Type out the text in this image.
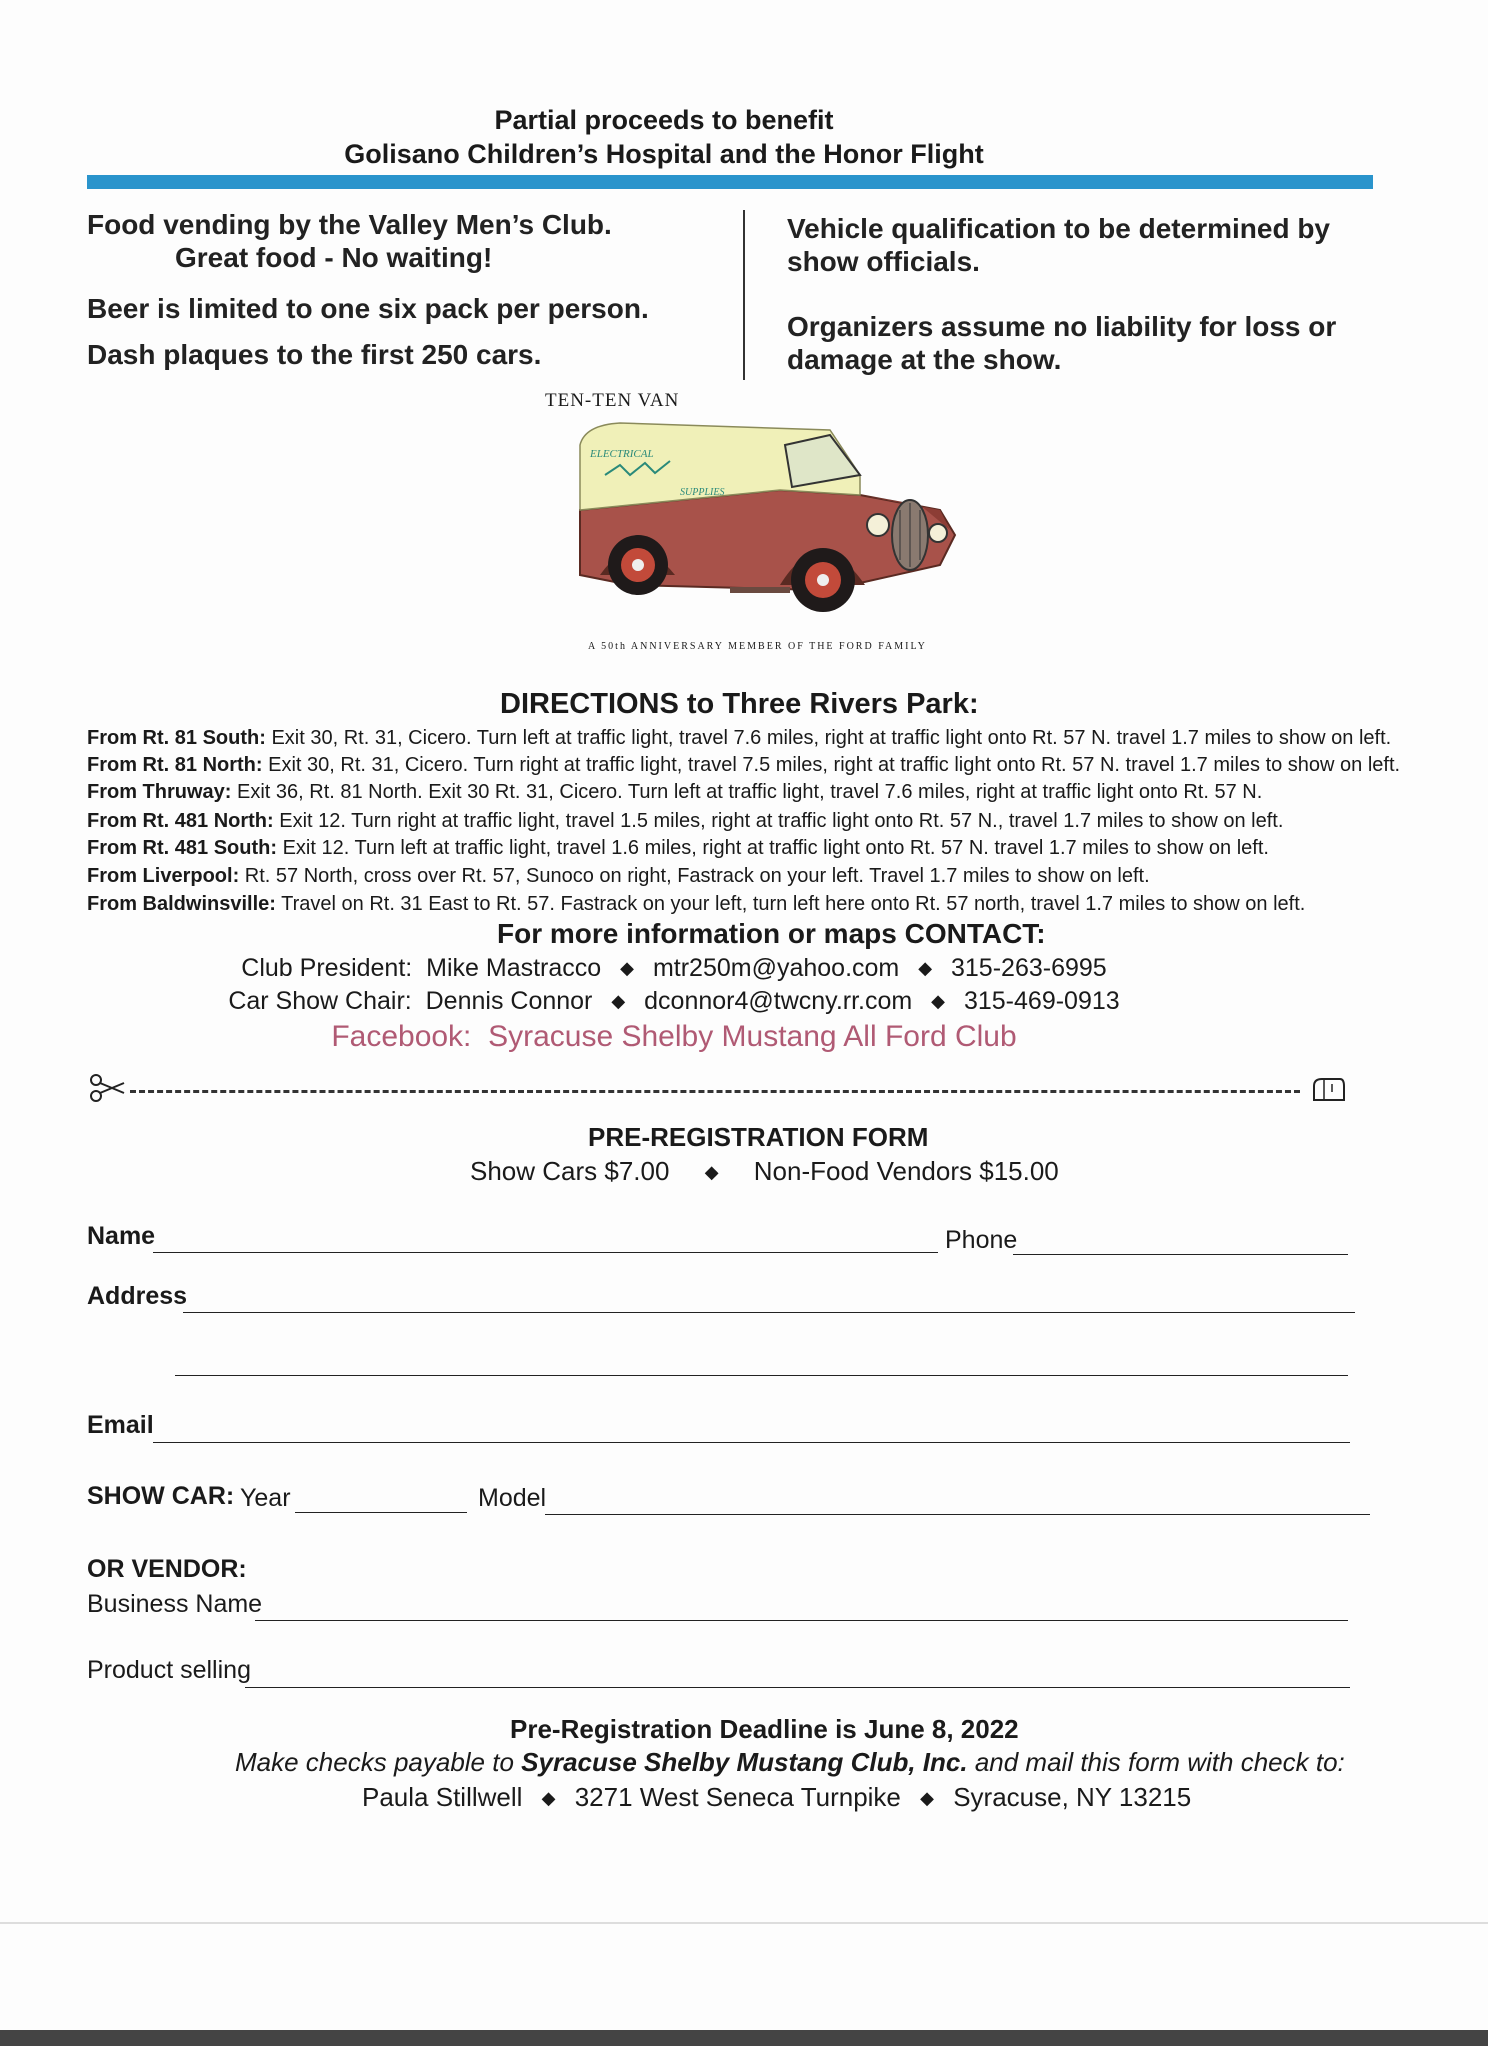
Partial proceeds to benefit
Golisano Children’s Hospital and the Honor Flight
Food vending by the Valley Men’s Club.
Great food - No waiting!
Beer is limited to one six pack per person.
Dash plaques to the first 250 cars.
Vehicle qualification to be determined by
show officials.
Organizers assume no liability for loss or
damage at the show.
TEN-TEN VAN
ELECTRICAL
SUPPLIES
A 50th ANNIVERSARY MEMBER OF THE FORD FAMILY
DIRECTIONS to Three Rivers Park:
From Rt. 81 South: Exit 30, Rt. 31, Cicero. Turn left at traffic light, travel 7.6 miles, right at traffic light onto Rt. 57 N. travel 1.7 miles to show on left.
From Rt. 81 North: Exit 30, Rt. 31, Cicero. Turn right at traffic light, travel 7.5 miles, right at traffic light onto Rt. 57 N. travel 1.7 miles to show on left.
From Thruway: Exit 36, Rt. 81 North. Exit 30 Rt. 31, Cicero. Turn left at traffic light, travel 7.6 miles, right at traffic light onto Rt. 57 N.
From Rt. 481 North: Exit 12. Turn right at traffic light, travel 1.5 miles, right at traffic light onto Rt. 57 N., travel 1.7 miles to show on left.
From Rt. 481 South: Exit 12. Turn left at traffic light, travel 1.6 miles, right at traffic light onto Rt. 57 N. travel 1.7 miles to show on left.
From Liverpool: Rt. 57 North, cross over Rt. 57, Sunoco on right, Fastrack on your left. Travel 1.7 miles to show on left.
From Baldwinsville: Travel on Rt. 31 East to Rt. 57. Fastrack on your left, turn left here onto Rt. 57 north, travel 1.7 miles to show on left.
For more information or maps CONTACT:
Club President: Mike Mastracco ◆ mtr250m@yahoo.com ◆ 315-263-6995
Car Show Chair: Dennis Connor ◆ dconnor4@twcny.rr.com ◆ 315-469-0913
Facebook: Syracuse Shelby Mustang All Ford Club
PRE-REGISTRATION FORM
Show Cars $7.00 ◆ Non-Food Vendors $15.00
Name	Phone
Address
Email
SHOW CAR: Year	Model
OR VENDOR:
Business Name
Product selling
Pre-Registration Deadline is June 8, 2022
Make checks payable to Syracuse Shelby Mustang Club, Inc. and mail this form with check to:
Paula Stillwell ◆ 3271 West Seneca Turnpike ◆ Syracuse, NY 13215
